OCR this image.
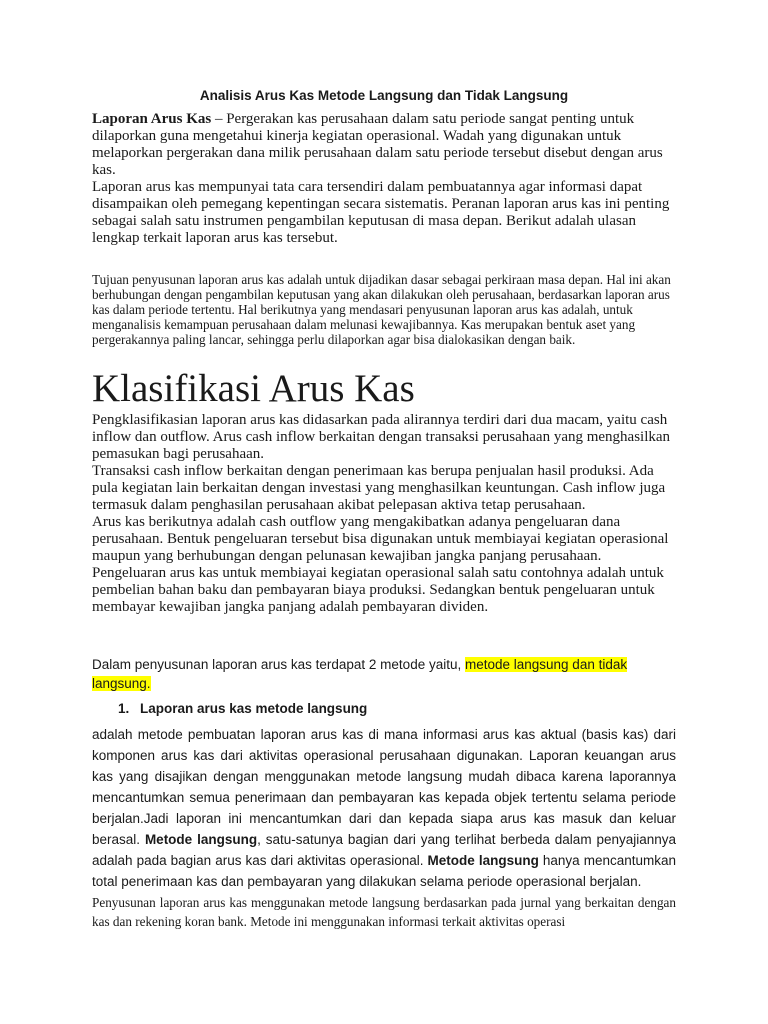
Analisis Arus Kas Metode Langsung dan Tidak Langsung

Laporan Arus Kas – Pergerakan kas perusahaan dalam satu periode sangat penting untuk dilaporkan guna mengetahui kinerja kegiatan operasional. Wadah yang digunakan untuk melaporkan pergerakan dana milik perusahaan dalam satu periode tersebut disebut dengan arus kas.

Laporan arus kas mempunyai tata cara tersendiri dalam pembuatannya agar informasi dapat disampaikan oleh pemegang kepentingan secara sistematis. Peranan laporan arus kas ini penting sebagai salah satu instrumen pengambilan keputusan di masa depan. Berikut adalah ulasan lengkap terkait laporan arus kas tersebut.

Tujuan penyusunan laporan arus kas adalah untuk dijadikan dasar sebagai perkiraan masa depan. Hal ini akan berhubungan dengan pengambilan keputusan yang akan dilakukan oleh perusahaan, berdasarkan laporan arus kas dalam periode tertentu. Hal berikutnya yang mendasari penyusunan laporan arus kas adalah, untuk menganalisis kemampuan perusahaan dalam melunasi kewajibannya. Kas merupakan bentuk aset yang pergerakannya paling lancar, sehingga perlu dilaporkan agar bisa dialokasikan dengan baik.
Klasifikasi Arus Kas

Pengklasifikasian laporan arus kas didasarkan pada alirannya terdiri dari dua macam, yaitu cash inflow dan outflow. Arus cash inflow berkaitan dengan transaksi perusahaan yang menghasilkan pemasukan bagi perusahaan.

Transaksi cash inflow berkaitan dengan penerimaan kas berupa penjualan hasil produksi. Ada pula kegiatan lain berkaitan dengan investasi yang menghasilkan keuntungan. Cash inflow juga termasuk dalam penghasilan perusahaan akibat pelepasan aktiva tetap perusahaan.

Arus kas berikutnya adalah cash outflow yang mengakibatkan adanya pengeluaran dana perusahaan. Bentuk pengeluaran tersebut bisa digunakan untuk membiayai kegiatan operasional maupun yang berhubungan dengan pelunasan kewajiban jangka panjang perusahaan.

Pengeluaran arus kas untuk membiayai kegiatan operasional salah satu contohnya adalah untuk pembelian bahan baku dan pembayaran biaya produksi. Sedangkan bentuk pengeluaran untuk membayar kewajiban jangka panjang adalah pembayaran dividen.

Dalam penyusunan laporan arus kas terdapat 2 metode yaitu, metode langsung dan tidak langsung.
1. Laporan arus kas metode langsung
adalah metode pembuatan laporan arus kas di mana informasi arus kas aktual (basis kas) dari komponen arus kas dari aktivitas operasional perusahaan digunakan. Laporan keuangan arus kas yang disajikan dengan menggunakan metode langsung mudah dibaca karena laporannya mencantumkan semua penerimaan dan pembayaran kas kepada objek tertentu selama periode berjalan.Jadi laporan ini mencantumkan dari dan kepada siapa arus kas masuk dan keluar berasal. Metode langsung, satu-satunya bagian dari yang terlihat berbeda dalam penyajiannya adalah pada bagian arus kas dari aktivitas operasional. Metode langsung hanya mencantumkan total penerimaan kas dan pembayaran yang dilakukan selama periode operasional berjalan.
Penyusunan laporan arus kas menggunakan metode langsung berdasarkan pada jurnal yang berkaitan dengan kas dan rekening koran bank. Metode ini menggunakan informasi terkait aktivitas operasi
